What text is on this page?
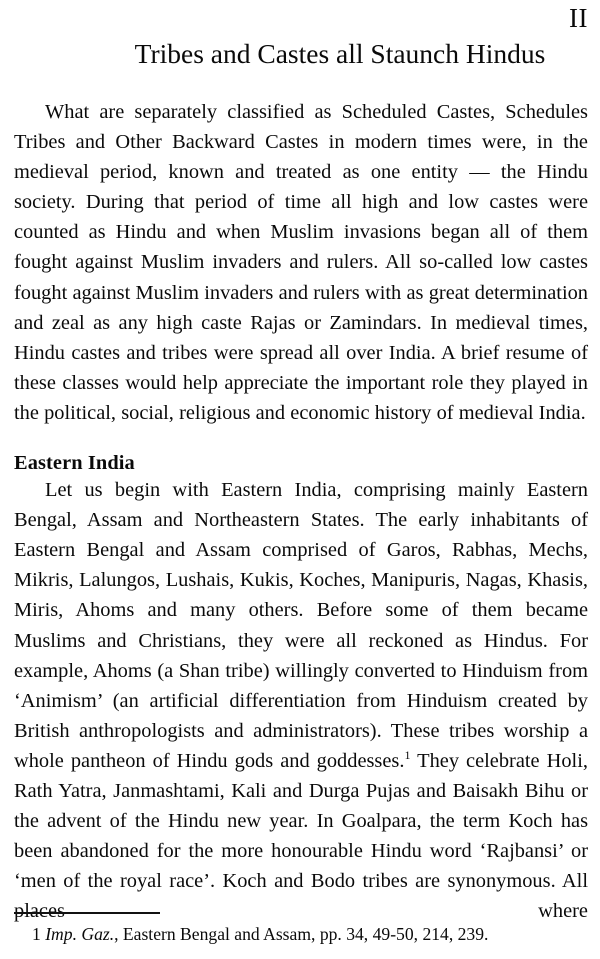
II
Tribes and Castes all Staunch Hindus

What are separately classified as Scheduled Castes, Schedules Tribes and Other Backward Castes in modern times were, in the medieval period, known and treated as one entity — the Hindu society. During that period of time all high and low castes were counted as Hindu and when Muslim invasions began all of them fought against Muslim invaders and rulers. All so-called low castes fought against Muslim invaders and rulers with as great determination and zeal as any high caste Rajas or Zamindars. In medieval times, Hindu castes and tribes were spread all over India. A brief resume of these classes would help appreciate the important role they played in the political, social, religious and economic history of medieval India.

Eastern India

Let us begin with Eastern India, comprising mainly Eastern Bengal, Assam and Northeastern States. The early inhabitants of Eastern Bengal and Assam comprised of Garos, Rabhas, Mechs, Mikris, Lalungos, Lushais, Kukis, Koches, Manipuris, Nagas, Khasis, Miris, Ahoms and many others. Before some of them became Muslims and Christians, they were all reckoned as Hindus. For example, Ahoms (a Shan tribe) willingly converted to Hinduism from ‘Animism’ (an artificial differentiation from Hinduism created by British anthropologists and administrators). These tribes worship a whole pantheon of Hindu gods and goddesses.$^1$ They celebrate Holi, Rath Yatra, Janmashtami, Kali and Durga Pujas and Baisakh Bihu or the advent of the Hindu new year. In Goalpara, the term Koch has been abandoned for the more honourable Hindu word ‘Rajbansi’ or ‘men of the royal race’. Koch and Bodo tribes are synonymous. All places where

1 Imp. Gaz., Eastern Bengal and Assam, pp. 34, 49-50, 214, 239.
